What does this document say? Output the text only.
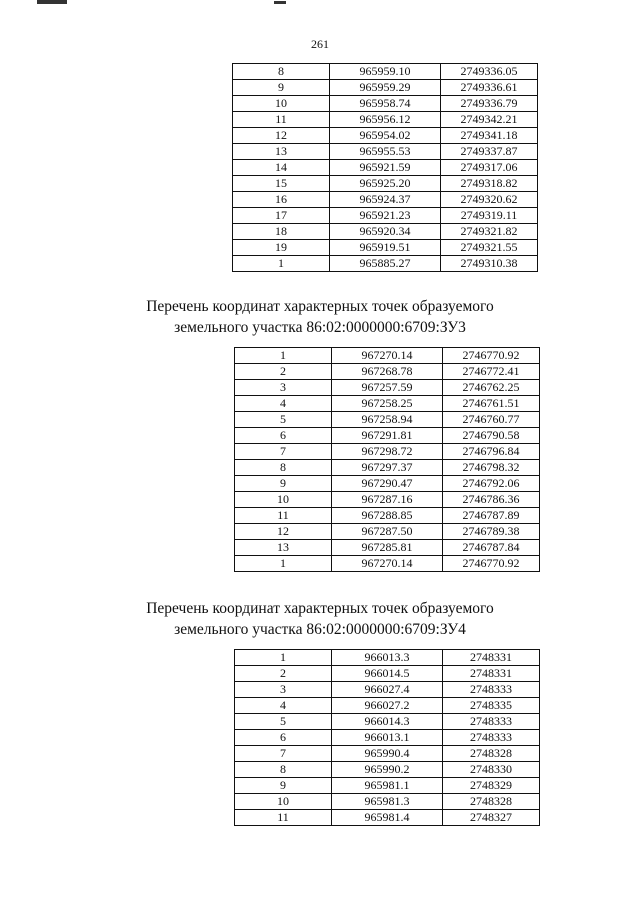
261
8	965959.10	2749336.05
9	965959.29	2749336.61
10	965958.74	2749336.79
11	965956.12	2749342.21
12	965954.02	2749341.18
13	965955.53	2749337.87
14	965921.59	2749317.06
15	965925.20	2749318.82
16	965924.37	2749320.62
17	965921.23	2749319.11
18	965920.34	2749321.82
19	965919.51	2749321.55
1	965885.27	2749310.38
Перечень координат характерных точек образуемого
земельного участка 86:02:0000000:6709:ЗУ3
1	967270.14	2746770.92
2	967268.78	2746772.41
3	967257.59	2746762.25
4	967258.25	2746761.51
5	967258.94	2746760.77
6	967291.81	2746790.58
7	967298.72	2746796.84
8	967297.37	2746798.32
9	967290.47	2746792.06
10	967287.16	2746786.36
11	967288.85	2746787.89
12	967287.50	2746789.38
13	967285.81	2746787.84
1	967270.14	2746770.92
Перечень координат характерных точек образуемого
земельного участка 86:02:0000000:6709:ЗУ4
1	966013.3	2748331
2	966014.5	2748331
3	966027.4	2748333
4	966027.2	2748335
5	966014.3	2748333
6	966013.1	2748333
7	965990.4	2748328
8	965990.2	2748330
9	965981.1	2748329
10	965981.3	2748328
11	965981.4	2748327
